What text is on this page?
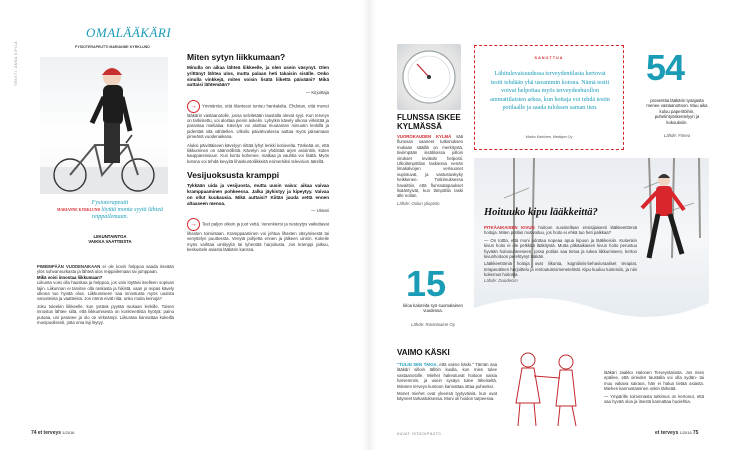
TEKSTI: ANNA SIPILÄ
OMALÄÄKÄRI
FYSIOTERAPEUTTI MARIANNE KYRKLUND
Fysioterapeutti
MARIANNE KYRKLUND löytää monta syytä lähteä reippailemaan.
LIIKUNTAINTOA
VAIKKA VAATTEISTA

PIMEIMPÄÄN VUODENAIKAAN ei ole kovin helppoa saada itseään ylös sohvannurkasta ja lähteä ulos reippailemaan tai jumppaan.

Mikä voisi innostaa liikkumaan?

Liikunta voisi olla hauskaa ja helppoa, jos vain löytäisi itselleen sopivan lajin. Liikunnan ei tarvitse olla raskasta ja hikistä, vaan jo reipas kävely ulkona tuo hyvää oloa. Liikkumiseen saa innostusta myös uusista varusteista ja vaatteista. Jos nämä eivät riitä, onko muita keinoja?

Joku tuleekin liikkeelle, kun ystävä pyytää mukaan lenkille. Toisen innostus lähtee siitä, että liikkumisesta on konkreettista hyötyä: paino putoaa, uni paranee ja olo on virkeämpi. Liikuntaa kannattaa kokeilla monipuolisesti, jotta oma laji löytyy.

Miten sytyn liikkumaan?

Minulla on aikaa lähteä liikkeelle, ja olen usein väsynyt. Olen yrittänyt lähtea ulos, mutta palaan heti takaisin sisälle. Onko sinulla vinkkejä, miten voisin lisätä liikettä päivääni? Mikä auttaisi lähtemään?

— Kirjoittaja

→Ymmärrän, että tilanteesi tuntuu hankalalta. Ehdotan, että menet lääkärin vastaanotolle, jossa selvitetään taustalla olevat syyt. Kun terveys on tarkistettu, voi aloittaa pienin askelin. Lyhytkin kävely ulkona virkistää ja parantaa mielialaa. Kävelyn voi aloittaa muutaman minuutin lenkillä ja pidentää sitä vähitellen. Ulkoilu päivänvalossa auttaa myös jaksamaan pimeänä vuodenaikana.

Aluksi päivittäiseen kävelyyn riittää lyhyt lenkki kotiovelta. Tärkeää on, että liikkuminen on säännöllistä. Kävelyn voi yhdistää arjen asiointiin, kuten kauppareissuun. Kun kunto kohenee, matkaa ja vauhtia voi lisätä. Myös kotona voi tehdä kevyitä lihaskuntoliikkeitä esimerkiksi television äärellä.

Vesijuoksusta kramppi

Tykkään uida ja vesijuosta, mutta uusin vaiva: aikaa vaivaa kramppaaminen pohkeessa. Jalka jäykistyy ja kipeytyy. Vaivaa on ollut kuukausia. Mikä auttaisi? Kiitän juuda vettä ennen altaaseen menoa.

— Uimari

→Teet paljon oikein ja juot vettä. Verenkierto ja nesteytys vaikuttavat lihasten toimintaan. Kramppaaminen voi johtua lihasten väsymisestä tai venyttelyn puutteesta. Venytä pohjetta ennen ja jälkeen uinnin. Kokeile myös vaihtaa uintityyliä tai lyhentää harjoitusta. Jos kramppi jatkuu, keskustele asiasta lääkärin kanssa.

74 et terveys 1/2016
FLUNSSA ISKEE KYLMÄSSÄ

VUOROKAUDEN KYLMÄ sää flunssan saaneet tutkimuksen mukaan sääillä on merkitystä, tiiviimpään sisätiloissa jolloin virukset leviävät helposti. Ulkolämpötilan laskiessa nenän limakalvojen verisuonet supistuvat, ja vastustuskyky heikkenee. Tutkimuksessa havaittiin, että flunssatapaukset lisääntyivät, kun lämpötila laski alle nollan.

Lähde: Oulun yliopisto

SANOTTUA
Lähitulevaisuudessa terveydentilasta kertovat testit tehdään yhä useammin kotona. Nämä testit voivat helpottaa myös terveydenhuollon ammattilaisten arkea, kun hoitaja voi tehdä testin potilaalle ja saada tuloksen saman tien.
Marko Karkinen, Mediqon Oy
54
prosenttia lääkärin työajasta menee vastaanottoon. Muu aika kuluu paperitöihin, puhelintyöskentelyyn ja kokouksiin.
Lähde: Fimea
Hoituuko kipu lääkkeittä?

PITKÄAIKAISEN KIVUN hoitoon suositellaan ensisijaisesti lääkkeettömiä hoitoja. Miten potilas motivoituu, jos hoito ei ehkä tuo heti palkkaa?

— On tottta, että moni odottaa nopeaa apua kipuun ja lääkkeisiin. Kuitenkin kivun hoito ei ole pelkkää lääkitystä. Mutta pitkäaikaisen kivun hoito perustuu hyvään hoitosuhteeseen, jossa potilas saa tietoa ja tukea liikkumiseen, kertoo kivunhoitoon perehtynyt lääkäri.

Lääkkeettömiä hoitoja ovat liikunta, kognitiivis-behavioraaliset terapiat, terapeuttinen harjoittelu ja rentoutumismenetelmät. Kipu kuuluu tunteisiin, ja niin kokemus hoitosta.

Lähde: Duodecim

15
kiloa kaloreita syö suomalainen vuodessa.
Lähde: Ravintoaine Oy
VAIMO KÄSKI

"TULIN SEN TAKIA, että vaimo käski." Tämän saa lääkäri silloin tällöin kuulla, kun mies tulee vastaanotolle. Miehet hakeutuvat hoitoon naisia harvemmin, ja usein sysäys tulee läheiseltä. Miesten terveys kuntoon kannattaa ottaa puheeksi.

Monet miehet ovat yleensä tyytyväisiä, kun ovat käyneet tarkastuksessa. Moni oli hoidon tarpeessa.

lääkäri Jaakko Halonen Terveystalosta. Jos mies epäilee, että oireiden taustalla voi olla sydän- tai muu vakava sairaus, hän ei halua tietää asiasta. Miehen kannustaminen onkin tärkeää.

— Ympärille toiminnasta tutkimus on kertonut, että saa hyvää oloa ja itsestä kannattaa huolehtia.

KUVAT: ISTOCKPHOTO	et terveys 1/2016 75
